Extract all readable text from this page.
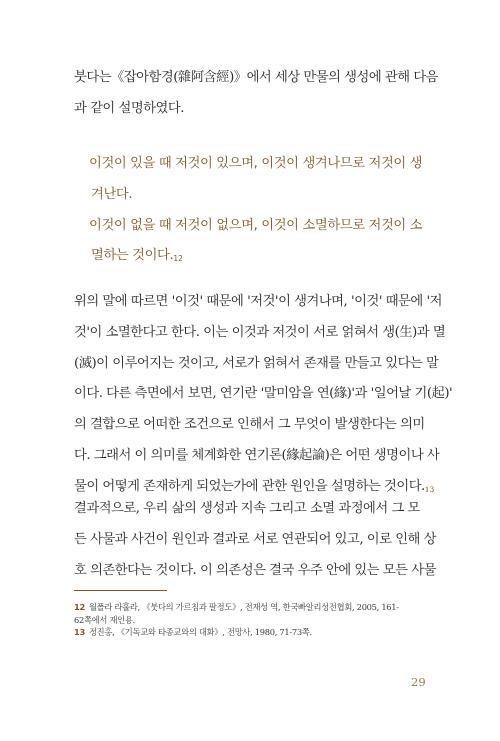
붓다는《잡아함경(雜阿含經)》에서 세상 만물의 생성에 관해 다음
과 같이 설명하였다.

이것이 있을 때 저것이 있으며, 이것이 생겨나므로 저것이 생
겨난다.
이것이 없을 때 저것이 없으며, 이것이 소멸하므로 저것이 소
멸하는 것이다.$^{12}$

위의 말에 따르면 '이것' 때문에 '저것'이 생겨나며, '이것' 때문에 '저
것'이 소멸한다고 한다. 이는 이것과 저것이 서로 얽혀서 생(生)과 멸
(滅)이 이루어지는 것이고, 서로가 얽혀서 존재를 만들고 있다는 말
이다. 다른 측면에서 보면, 연기란 '말미암을 연(緣)'과 '일어날 기(起)'
의 결합으로 어떠한 조건으로 인해서 그 무엇이 발생한다는 의미
다. 그래서 이 의미를 체계화한 연기론(緣起論)은 어떤 생명이나 사
물이 어떻게 존재하게 되었는가에 관한 원인을 설명하는 것이다.$^{13}$

결과적으로, 우리 삶의 생성과 지속 그리고 소멸 과정에서 그 모
든 사물과 사건이 원인과 결과로 서로 연관되어 있고, 이로 인해 상
호 의존한다는 것이다. 이 의존성은 결국 우주 안에 있는 모든 사물

12 월폴라 라훌라, 《붓다의 가르침과 팔정도》, 전재성 역, 한국빠알리성전협회, 2005, 161-
62쪽에서 재인용.
13 정진홍, 《기독교와 타종교와의 대화》, 전망사, 1980, 71-73쪽.
29
